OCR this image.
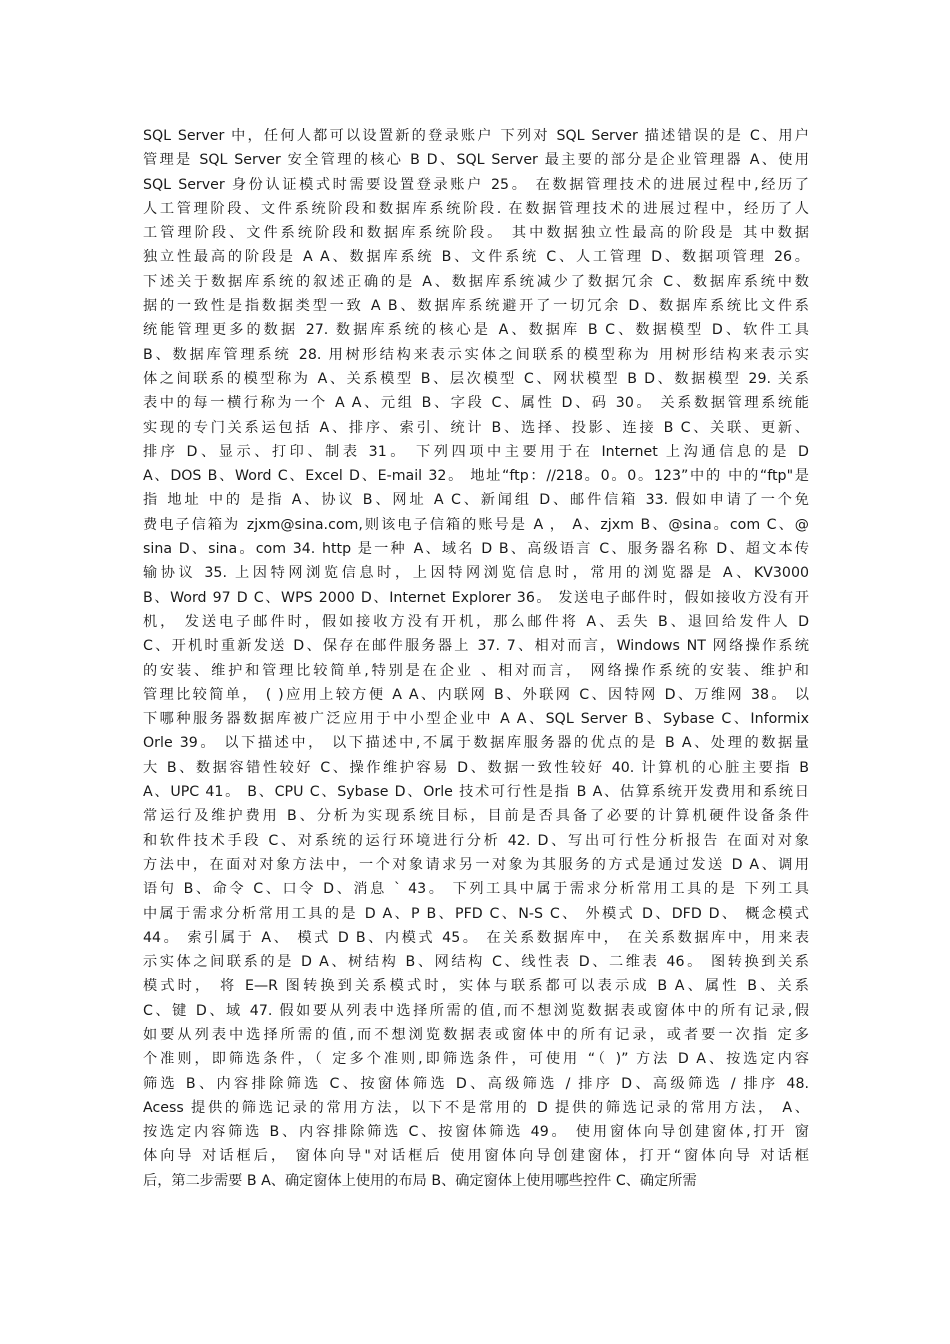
SQL Server 中，任何人都可以设置新的登录账户 下列对 SQL Server 描述错误的是 C、用户
管理是 SQL Server 安全管理的核心 B D、SQL Server 最主要的部分是企业管理器 A、使用
SQL Server 身份认证模式时需要设置登录账户 25。 在数据管理技术的进展过程中,经历了
人工管理阶段、文件系统阶段和数据库系统阶段. 在数据管理技术的进展过程中，经历了人
工管理阶段、文件系统阶段和数据库系统阶段。 其中数据独立性最高的阶段是 其中数据
独立性最高的阶段是 A A、数据库系统 B、文件系统 C、人工管理 D、数据项管理 26。
下述关于数据库系统的叙述正确的是 A、数据库系统减少了数据冗余 C、数据库系统中数
据的一致性是指数据类型一致 A B、数据库系统避开了一切冗余 D、数据库系统比文件系
统能管理更多的数据 27. 数据库系统的核心是 A、数据库 B C、数据模型 D、软件工具
B、数据库管理系统 28. 用树形结构来表示实体之间联系的模型称为 用树形结构来表示实
体之间联系的模型称为 A、关系模型 B、层次模型 C、网状模型 B D、数据模型 29. 关系
表中的每一横行称为一个 A A、元组 B、字段 C、属性 D、码 30。 关系数据管理系统能
实现的专门关系运包括 A、排序、索引、统计 B、选择、投影、连接 B C、关联、更新、
排序 D、显示、打印、制表 31。 下列四项中主要用于在 Internet 上沟通信息的是 D
A、DOS B、Word C、Excel D、E-mail 32。 地址“ftp：//218。0。0。123”中的 中的“ftp"是
指 地址 中的 是指 A、协议 B、网址 A C、新闻组 D、邮件信箱 33. 假如申请了一个免
费电子信箱为 zjxm@sina.com,则该电子信箱的账号是 A ， A、zjxm B、@sina。com C、@
sina D、sina。com 34. http 是一种 A、域名 D B、高级语言 C、服务器名称 D、超文本传
输协议 35. 上因特网浏览信息时，上因特网浏览信息时，常用的浏览器是 A、KV3000
B、Word 97 D C、WPS 2000 D、Internet Explorer 36。 发送电子邮件时，假如接收方没有开
机， 发送电子邮件时，假如接收方没有开机，那么邮件将 A、丢失 B、退回给发件人 D
C、开机时重新发送 D、保存在邮件服务器上 37. 7、相对而言，Windows NT 网络操作系统
的安装、维护和管理比较简单,特别是在企业 、相对而言， 网络操作系统的安装、维护和
管理比较简单， ( )应用上较方便 A A、内联网 B、外联网 C、因特网 D、万维网 38。 以
下哪种服务器数据库被广泛应用于中小型企业中 A A、SQL Server B、Sybase C、Informix
Orle 39。 以下描述中， 以下描述中,不属于数据库服务器的优点的是 B A、处理的数据量
大 B、数据容错性较好 C、操作维护容易 D、数据一致性较好 40. 计算机的心脏主要指 B
A、UPC 41。 B、CPU C、Sybase D、Orle 技术可行性是指 B A、估算系统开发费用和系统日
常运行及维护费用 B、分析为实现系统目标，目前是否具备了必要的计算机硬件设备条件
和软件技术手段 C、对系统的运行环境进行分析 42. D、写出可行性分析报告 在面对对象
方法中，在面对对象方法中，一个对象请求另一对象为其服务的方式是通过发送 D A、调用
语句 B、命令 C、口令 D、消息 ` 43。 下列工具中属于需求分析常用工具的是 下列工具
中属于需求分析常用工具的是 D A、P B、PFD C、N-S C、 外模式 D、DFD D、 概念模式
44。 索引属于 A、 模式 D B、内模式 45。 在关系数据库中， 在关系数据库中，用来表
示实体之间联系的是 D A、树结构 B、网结构 C、线性表 D、二维表 46。 图转换到关系
模式时， 将 E—R 图转换到关系模式时，实体与联系都可以表示成 B A、属性 B、关系
C、键 D、域 47. 假如要从列表中选择所需的值,而不想浏览数据表或窗体中的所有记录,假
如要从列表中选择所需的值,而不想浏览数据表或窗体中的所有记录，或者要一次指 定多
个准则，即筛选条件，（ 定多个准则,即筛选条件，可使用 “（ )” 方法 D A、按选定内容
筛选 B、内容排除筛选 C、按窗体筛选 D、高级筛选 / 排序 D、高级筛选 / 排序 48.
Acess 提供的筛选记录的常用方法，以下不是常用的 D 提供的筛选记录的常用方法， A、
按选定内容筛选 B、内容排除筛选 C、按窗体筛选 49。 使用窗体向导创建窗体,打开 窗
体向导 对话框后， 窗体向导"对话框后 使用窗体向导创建窗体，打开“窗体向导 对话框
后，第二步需要 B A、确定窗体上使用的布局 B、确定窗体上使用哪些控件 C、确定所需
